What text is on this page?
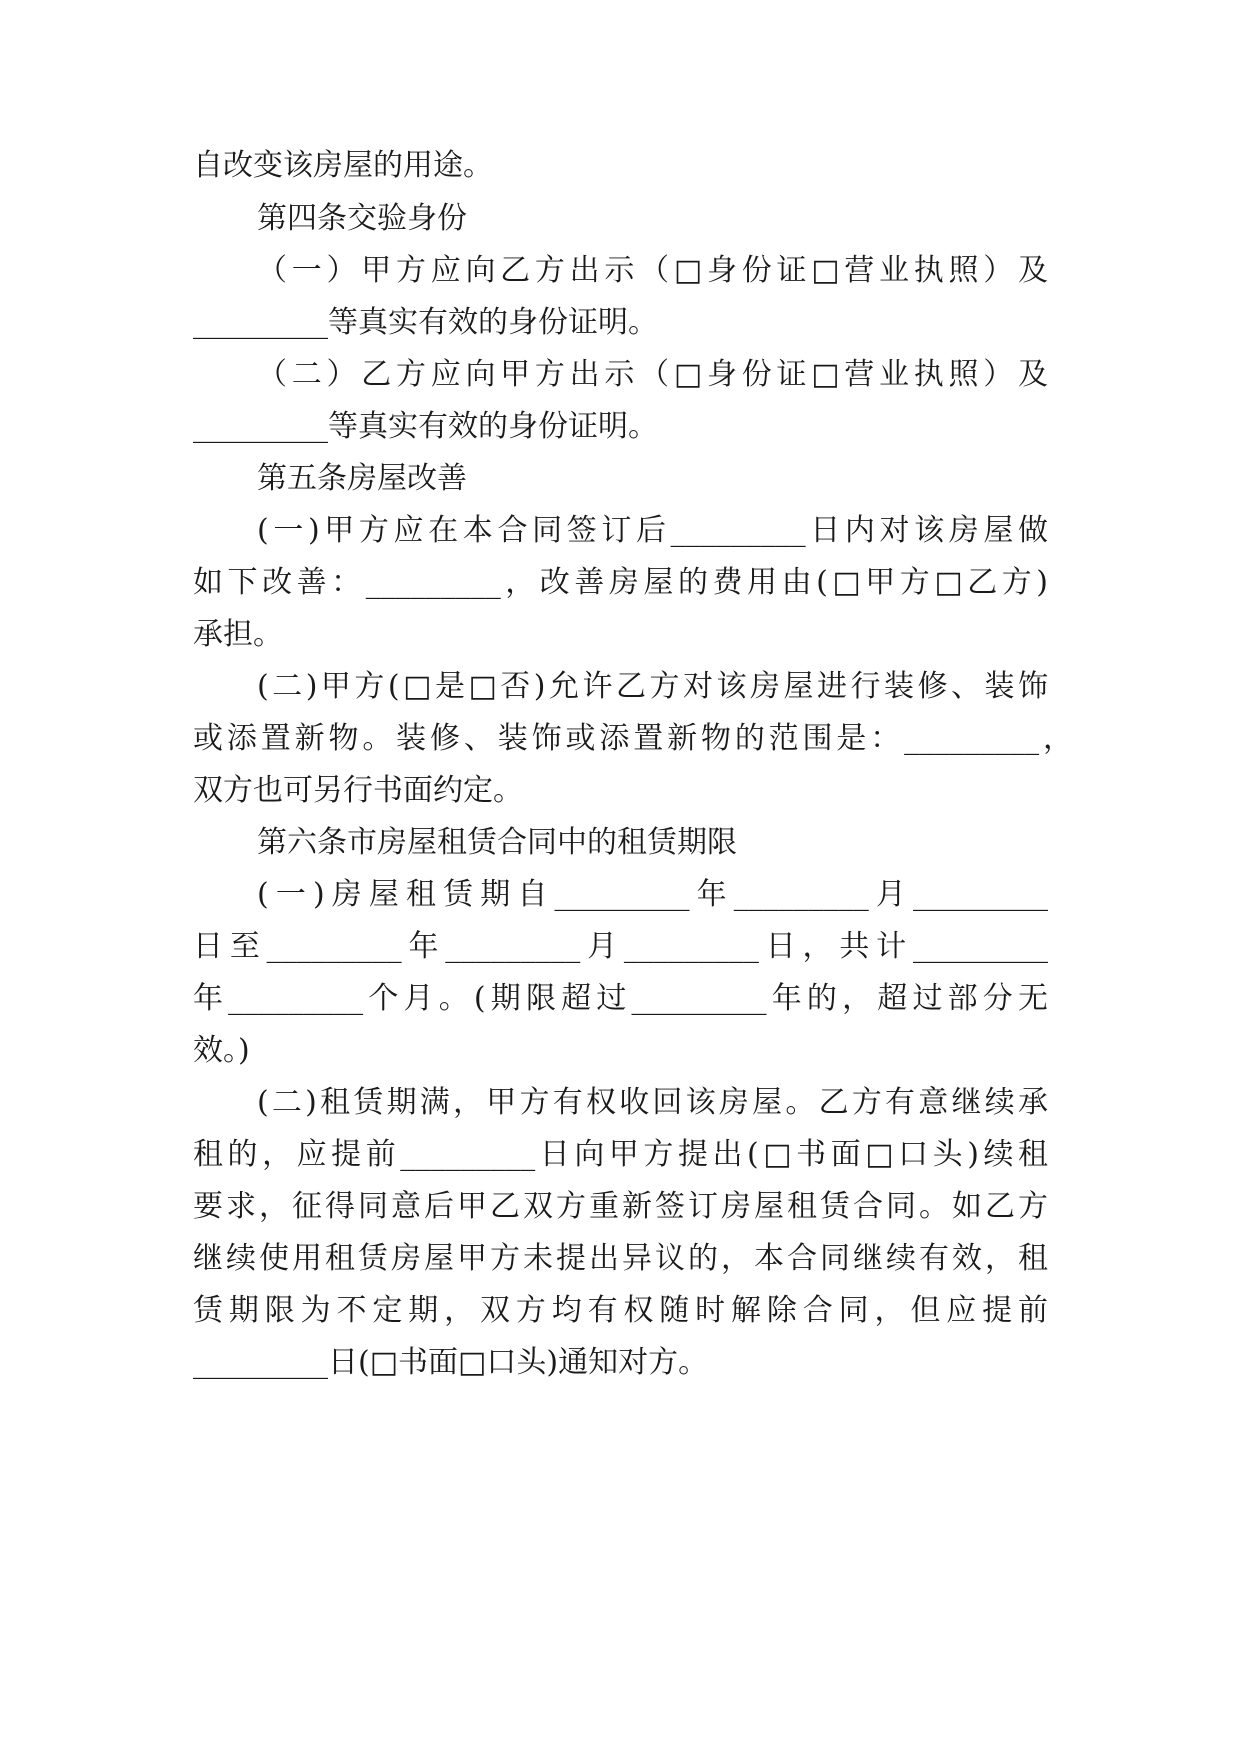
自改变该房屋的用途。
第四条交验身份
（一）甲方应向乙方出示（□身份证□营业执照）及
_________等真实有效的身份证明。
（二）乙方应向甲方出示（□身份证□营业执照）及
_________等真实有效的身份证明。
第五条房屋改善
(一)甲方应在本合同签订后_________日内对该房屋做
如下改善：_________，改善房屋的费用由(□甲方□乙方)
承担。
(二)甲方(□是□否)允许乙方对该房屋进行装修、装饰
或添置新物。装修、装饰或添置新物的范围是：_________，
双方也可另行书面约定。
第六条市房屋租赁合同中的租赁期限
(一)房屋租赁期自_________年_________月_________
日至_________年_________月_________日，共计_________
年_________个月。(期限超过_________年的，超过部分无
效。)
(二)租赁期满，甲方有权收回该房屋。乙方有意继续承
租的，应提前_________日向甲方提出(□书面□口头)续租
要求，征得同意后甲乙双方重新签订房屋租赁合同。如乙方
继续使用租赁房屋甲方未提出异议的，本合同继续有效，租
赁期限为不定期，双方均有权随时解除合同，但应提前
_________日(□书面□口头)通知对方。
